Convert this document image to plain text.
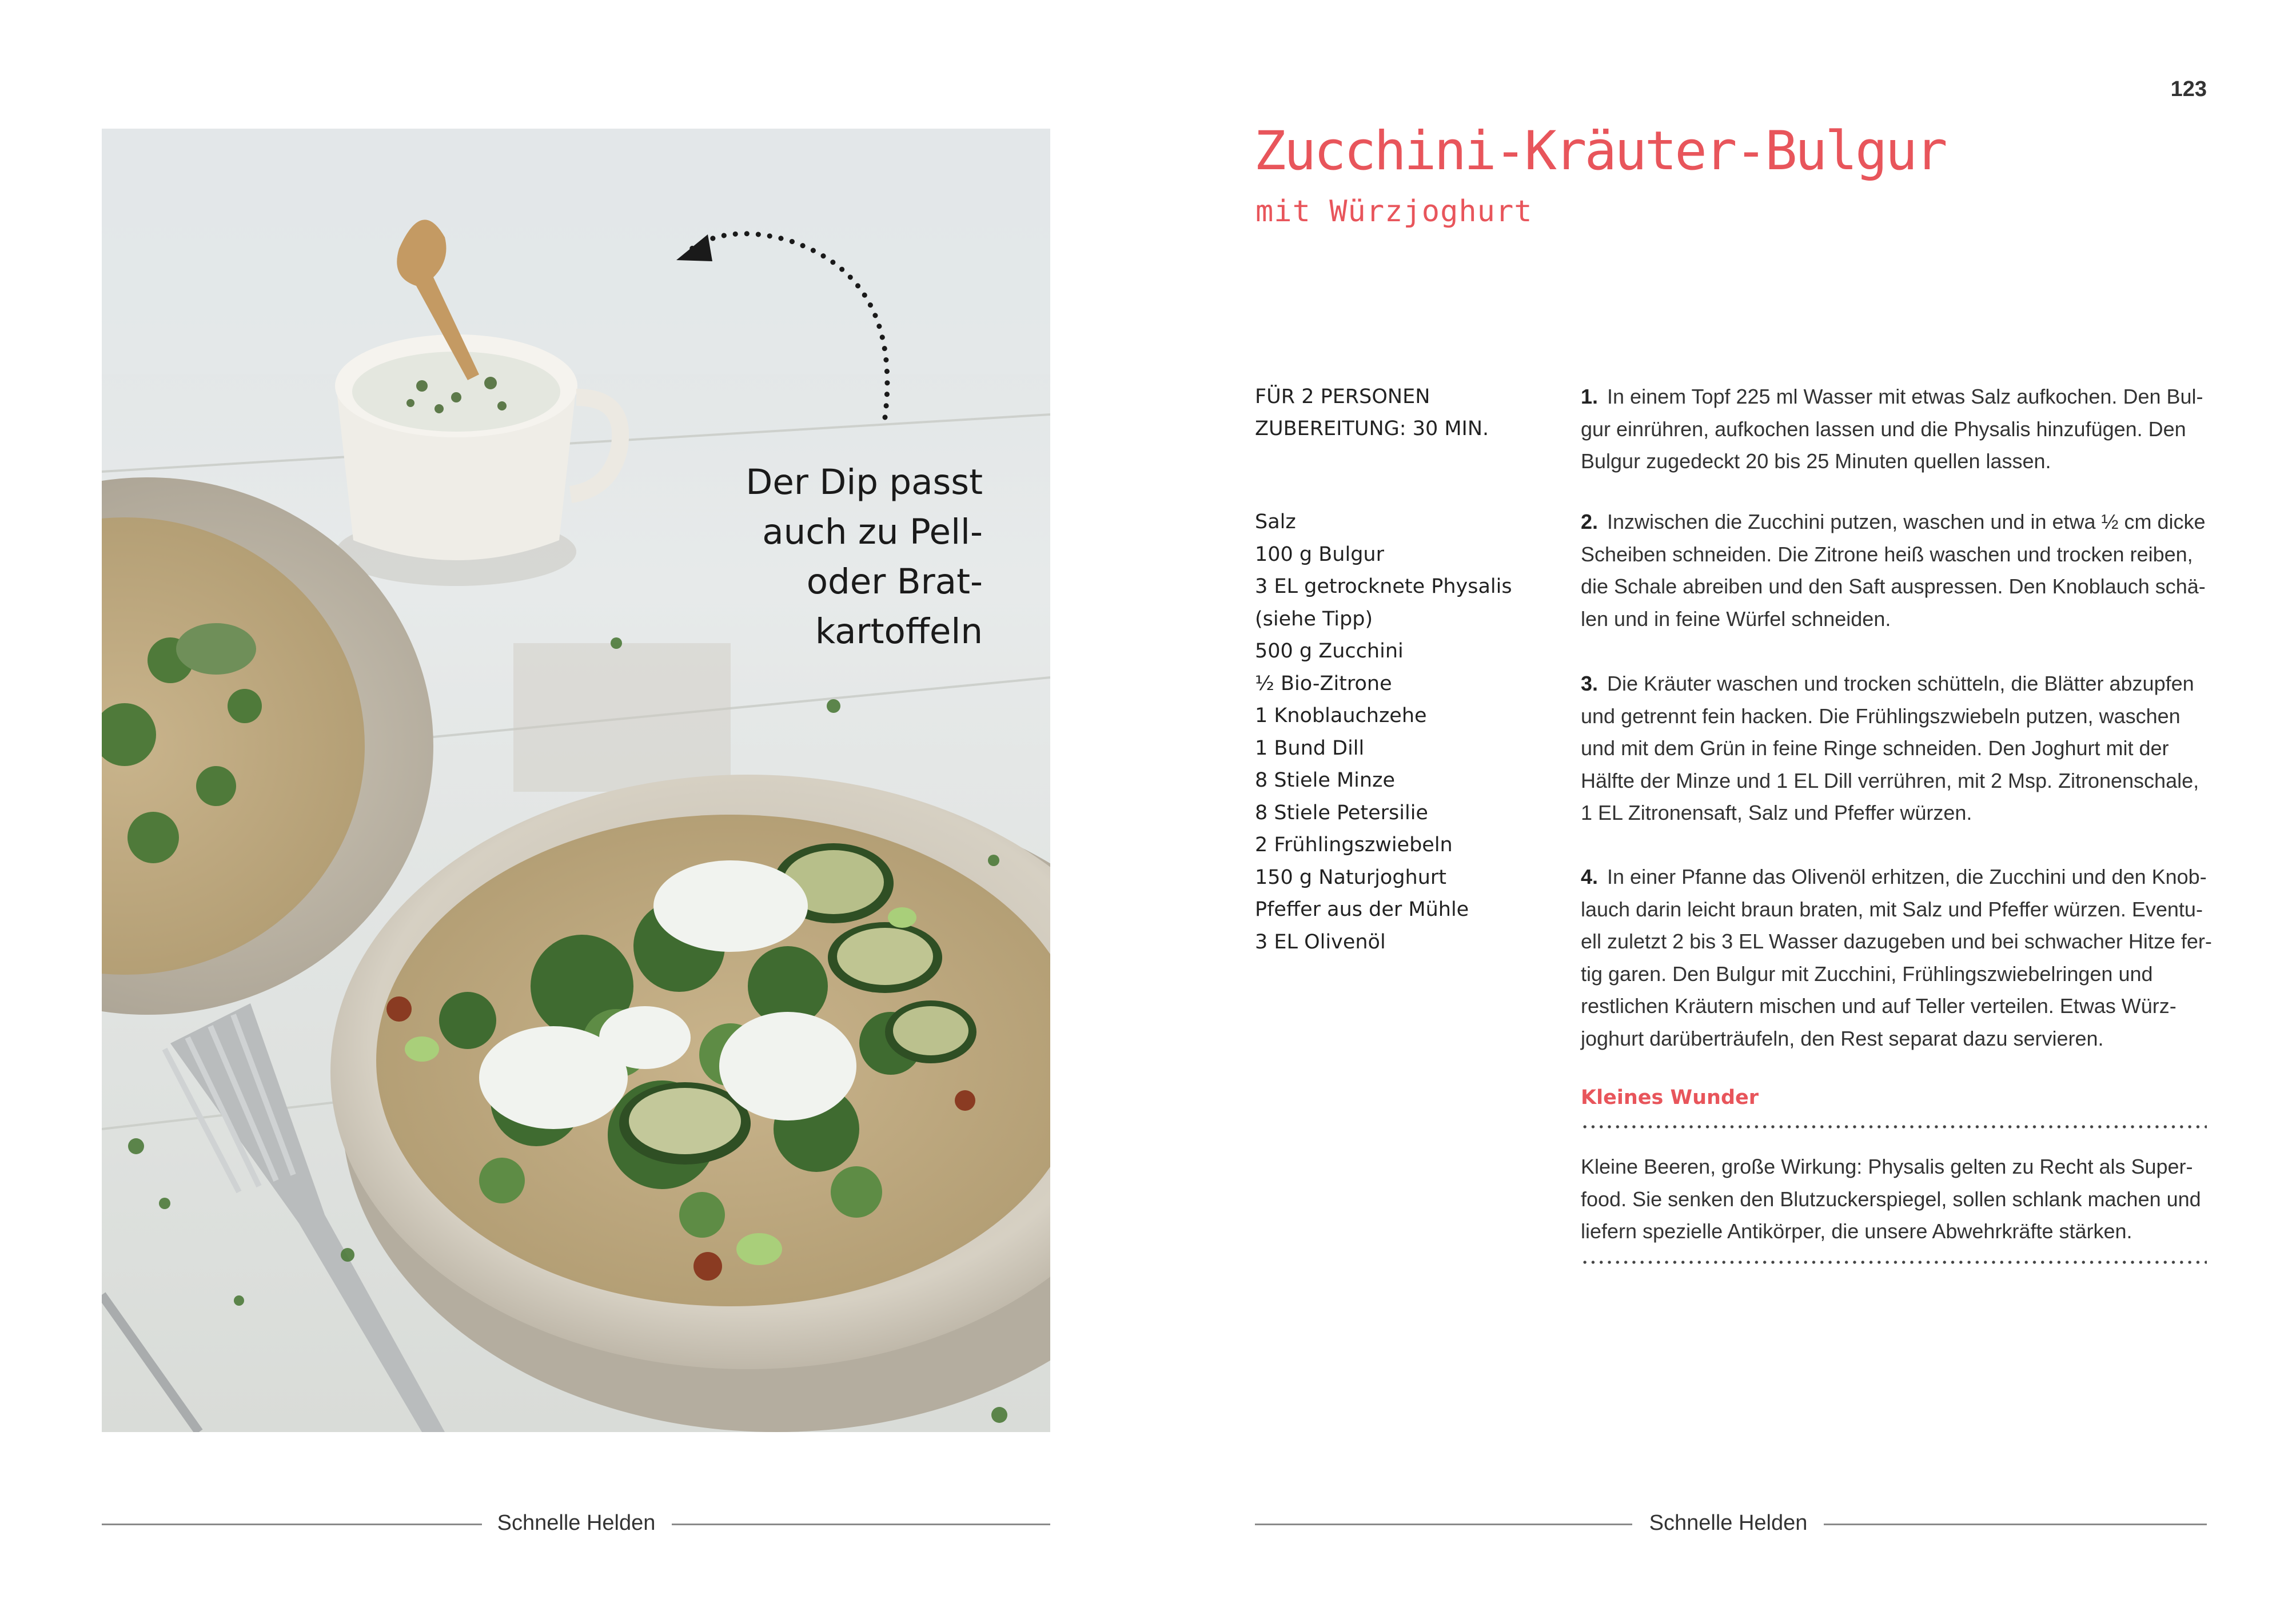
Der Dip passt
auch zu Pell-
oder Brat-
kartoffeln
Schnelle Helden	Schnelle Helden
123
Zucchini-Kräuter-Bulgur
mit Würzjoghurt
FÜR 2 PERSONEN
ZUBEREITUNG: 30 MIN.
Salz
100 g Bulgur
3 EL getrocknete Physalis
(siehe Tipp)
500 g Zucchini
½ Bio-Zitrone
1 Knoblauchzehe
1 Bund Dill
8 Stiele Minze
8 Stiele Petersilie
2 Frühlingszwiebeln
150 g Naturjoghurt
Pfeffer aus der Mühle
3 EL Olivenöl
1. In einem Topf 225 ml Wasser mit etwas Salz aufkochen. Den Bul-
gur einrühren, aufkochen lassen und die Physalis hinzufügen. Den
Bulgur zugedeckt 20 bis 25 Minuten quellen lassen.
2. Inzwischen die Zucchini putzen, waschen und in etwa ½ cm dicke
Scheiben schneiden. Die Zitrone heiß waschen und trocken reiben,
die Schale abreiben und den Saft auspressen. Den Knoblauch schä-
len und in feine Würfel schneiden.
3. Die Kräuter waschen und trocken schütteln, die Blätter abzupfen
und getrennt fein hacken. Die Frühlingszwiebeln putzen, waschen
und mit dem Grün in feine Ringe schneiden. Den Joghurt mit der
Hälfte der Minze und 1 EL Dill verrühren, mit 2 Msp. Zitronenschale,
1 EL Zitronensaft, Salz und Pfeffer würzen.
4. In einer Pfanne das Olivenöl erhitzen, die Zucchini und den Knob-
lauch darin leicht braun braten, mit Salz und Pfeffer würzen. Eventu-
ell zuletzt 2 bis 3 EL Wasser dazugeben und bei schwacher Hitze fer-
tig garen. Den Bulgur mit Zucchini, Frühlingszwiebelringen und
restlichen Kräutern mischen und auf Teller verteilen. Etwas Würz-
joghurt darüberträufeln, den Rest separat dazu servieren.
Kleines Wunder
Kleine Beeren, große Wirkung: Physalis gelten zu Recht als Super-
food. Sie senken den Blutzuckerspiegel, sollen schlank machen und
liefern spezielle Antikörper, die unsere Abwehrkräfte stärken.
